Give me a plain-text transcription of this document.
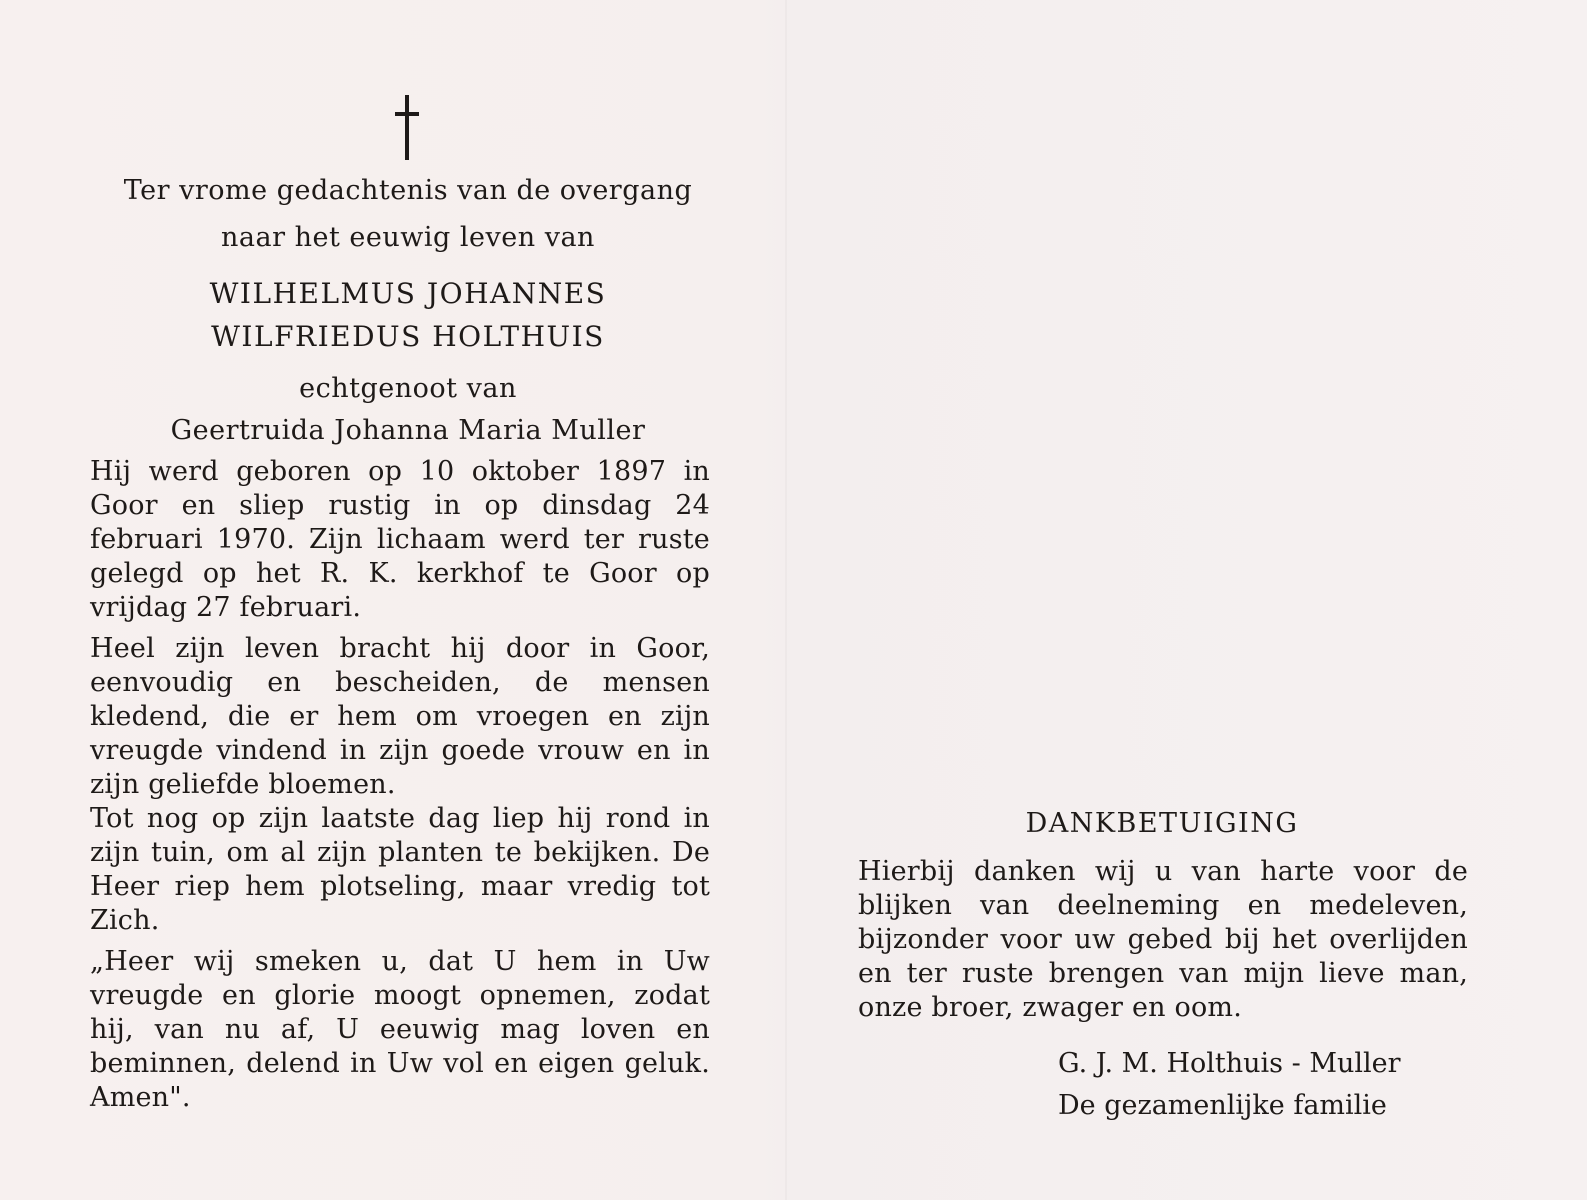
Ter vrome gedachtenis van de overgang
naar het eeuwig leven van
WILHELMUS JOHANNES
WILFRIEDUS HOLTHUIS
echtgenoot van
Geertruida Johanna Maria Muller

Hij werd geboren op 10 oktober 1897 in Goor en sliep rustig in op dinsdag 24 februari 1970. Zijn lichaam werd ter ruste gelegd op het R. K. kerkhof te Goor op vrijdag 27 februari.

Heel zijn leven bracht hij door in Goor, eenvoudig en bescheiden, de mensen kledend, die er hem om vroegen en zijn vreugde vindend in zijn goede vrouw en in zijn geliefde bloemen.

Tot nog op zijn laatste dag liep hij rond in zijn tuin, om al zijn planten te bekijken. De Heer riep hem plotseling, maar vredig tot Zich.

„Heer wij smeken u, dat U hem in Uw vreugde en glorie moogt opnemen, zodat hij, van nu af, U eeuwig mag loven en beminnen, delend in Uw vol en eigen geluk. Amen".

DANKBETUIGING
Hierbij danken wij u van harte voor de blijken van deelneming en medeleven, bijzonder voor uw gebed bij het overlijden en ter ruste brengen van mijn lieve man, onze broer, zwager en oom.
G. J. M. Holthuis - Muller
De gezamenlijke familie
